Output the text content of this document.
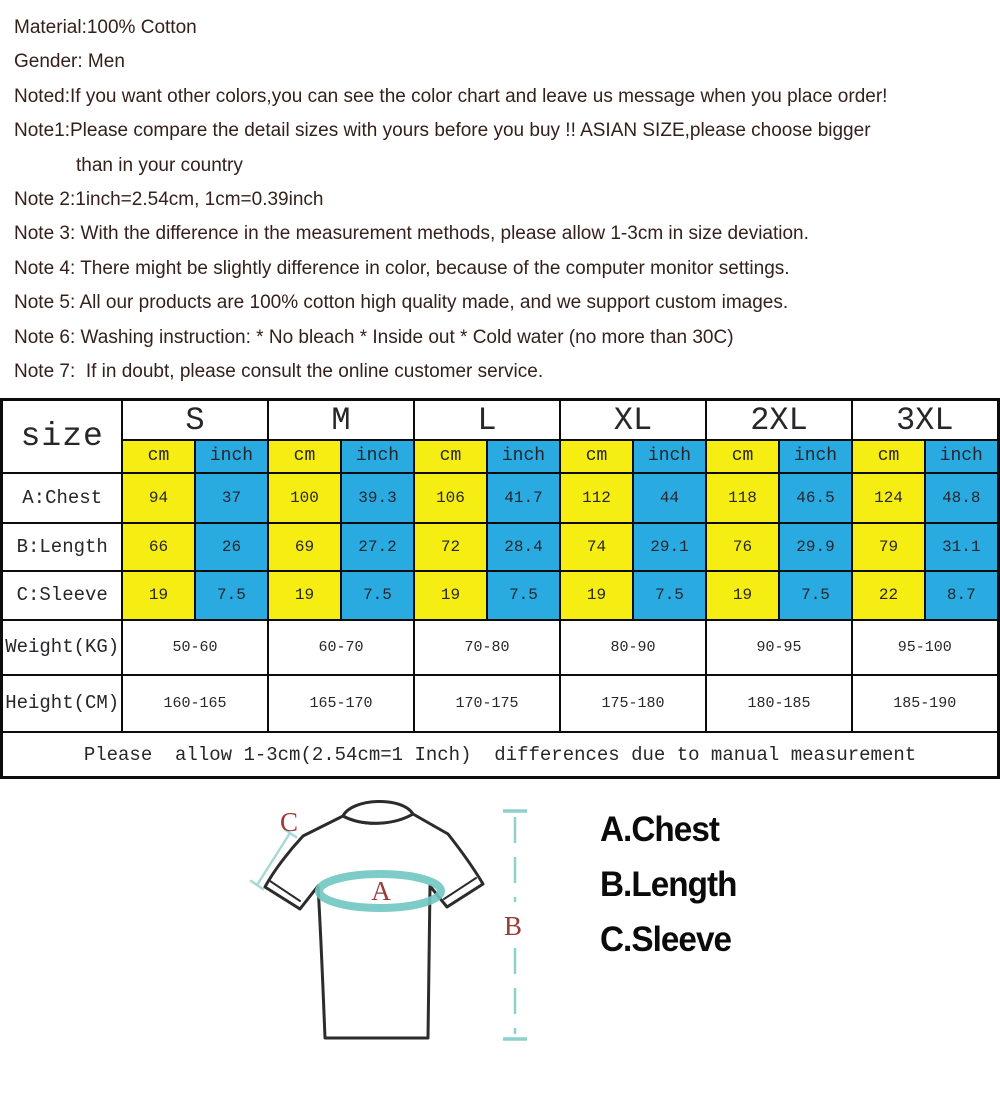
Material:100% Cotton
Gender: Men
Noted:If you want other colors,you can see the color chart and leave us message when you place order!
Note1:Please compare the detail sizes with yours before you buy !! ASIAN SIZE,please choose bigger
than in your country
Note 2:1inch=2.54cm, 1cm=0.39inch
Note 3: With the difference in the measurement methods, please allow 1-3cm in size deviation.
Note 4: There might be slightly difference in color, because of the computer monitor settings.
Note 5: All our products are 100% cotton high quality made, and we support custom images.
Note 6: Washing instruction: * No bleach * Inside out * Cold water (no more than 30C)
Note 7:  If in doubt, please consult the online customer service.
size	S		M		L		XL		2XL		3XL	
	cm	inch	cm	inch	cm	inch	cm	inch	cm	inch	cm	inch
A:Chest	94	37	100	39.3	106	41.7	112	44	118	46.5	124	48.8
B:Length	66	26	69	27.2	72	28.4	74	29.1	76	29.9	79	31.1
C:Sleeve	19	7.5	19	7.5	19	7.5	19	7.5	19	7.5	22	8.7
Weight(KG)	50-60		60-70		70-80		80-90		90-95		95-100	
Height(CM)	160-165		165-170		170-175		175-180		180-185		185-190	
Please  allow 1-3cm(2.54cm=1 Inch)  differences due to manual measurement												
C
A
B
A.Chest
B.Length
C.Sleeve
